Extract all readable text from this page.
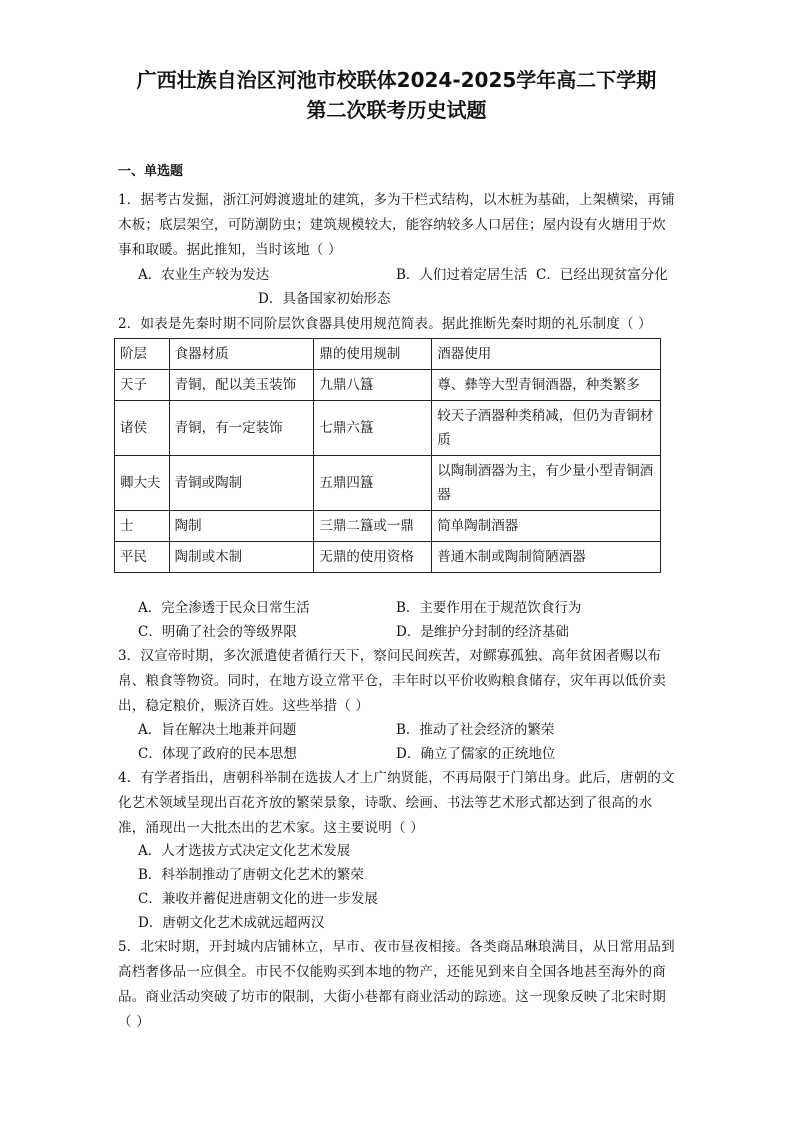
广西壮族自治区河池市校联体2024-2025学年高二下学期
第二次联考历史试题
一、单选题
1．据考古发掘，浙江河姆渡遗址的建筑，多为干栏式结构，以木桩为基础，上架横梁，再铺木板；底层架空，可防潮防虫；建筑规模较大，能容纳较多人口居住；屋内设有火塘用于炊事和取暖。据此推知，当时该地（ ）
A．农业生产较为发达	B．人们过着定居生活 C．已经出现贫富分化
D．具备国家初始形态
2．如表是先秦时期不同阶层饮食器具使用规范简表。据此推断先秦时期的礼乐制度（ ）
阶层	食器材质	鼎的使用规制	酒器使用
天子	青铜，配以美玉装饰	九鼎八簋	尊、彝等大型青铜酒器，种类繁多
诸侯	青铜，有一定装饰	七鼎六簋	较天子酒器种类稍减，但仍为青铜材质
卿大夫	青铜或陶制	五鼎四簋	以陶制酒器为主，有少量小型青铜酒器
士	陶制	三鼎二簋或一鼎	简单陶制酒器
平民	陶制或木制	无鼎的使用资格	普通木制或陶制简陋酒器
A．完全渗透于民众日常生活	B．主要作用在于规范饮食行为
C．明确了社会的等级界限	D．是维护分封制的经济基础
3．汉宣帝时期，多次派遣使者循行天下，察问民间疾苦，对鳏寡孤独、高年贫困者赐以布帛、粮食等物资。同时，在地方设立常平仓，丰年时以平价收购粮食储存，灾年再以低价卖出，稳定粮价，赈济百姓。这些举措（ ）
A．旨在解决土地兼并问题	B．推动了社会经济的繁荣
C．体现了政府的民本思想	D．确立了儒家的正统地位
4．有学者指出，唐朝科举制在选拔人才上广纳贤能，不再局限于门第出身。此后，唐朝的文化艺术领域呈现出百花齐放的繁荣景象，诗歌、绘画、书法等艺术形式都达到了很高的水准，涌现出一大批杰出的艺术家。这主要说明（ ）
A．人才选拔方式决定文化艺术发展
B．科举制推动了唐朝文化艺术的繁荣
C．兼收并蓄促进唐朝文化的进一步发展
D．唐朝文化艺术成就远超两汉
5．北宋时期，开封城内店铺林立，早市、夜市昼夜相接。各类商品琳琅满目，从日常用品到高档奢侈品一应俱全。市民不仅能购买到本地的物产，还能见到来自全国各地甚至海外的商品。商业活动突破了坊市的限制，大街小巷都有商业活动的踪迹。这一现象反映了北宋时期（ ）
